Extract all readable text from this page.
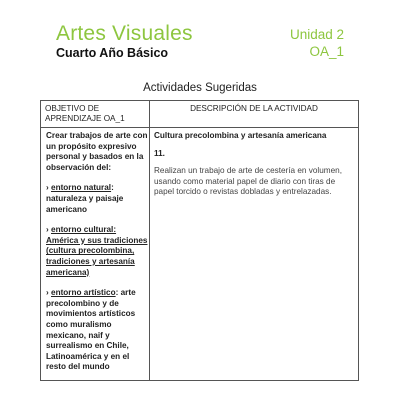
Artes Visuales
Cuarto Año Básico
Unidad 2
OA_1
Actividades Sugeridas
OBJETIVO DE APRENDIZAJE OA_1
DESCRIPCIÓN DE LA ACTIVIDAD

Crear trabajos de arte con un propósito expresivo personal y basados en la observación del:

› entorno natural: naturaleza y paisaje americano

› entorno cultural: América y sus tradiciones (cultura precolombina, tradiciones y artesanía americana)

› entorno artístico: arte precolombino y de movimientos artísticos como muralismo mexicano, naif y surrealismo en Chile, Latinoamérica y en el resto del mundo

Cultura precolombina y artesanía americana

11.

Realizan un trabajo de arte de cestería en volumen, usando como material papel de diario con tiras de papel torcido o revistas dobladas y entrelazadas.
